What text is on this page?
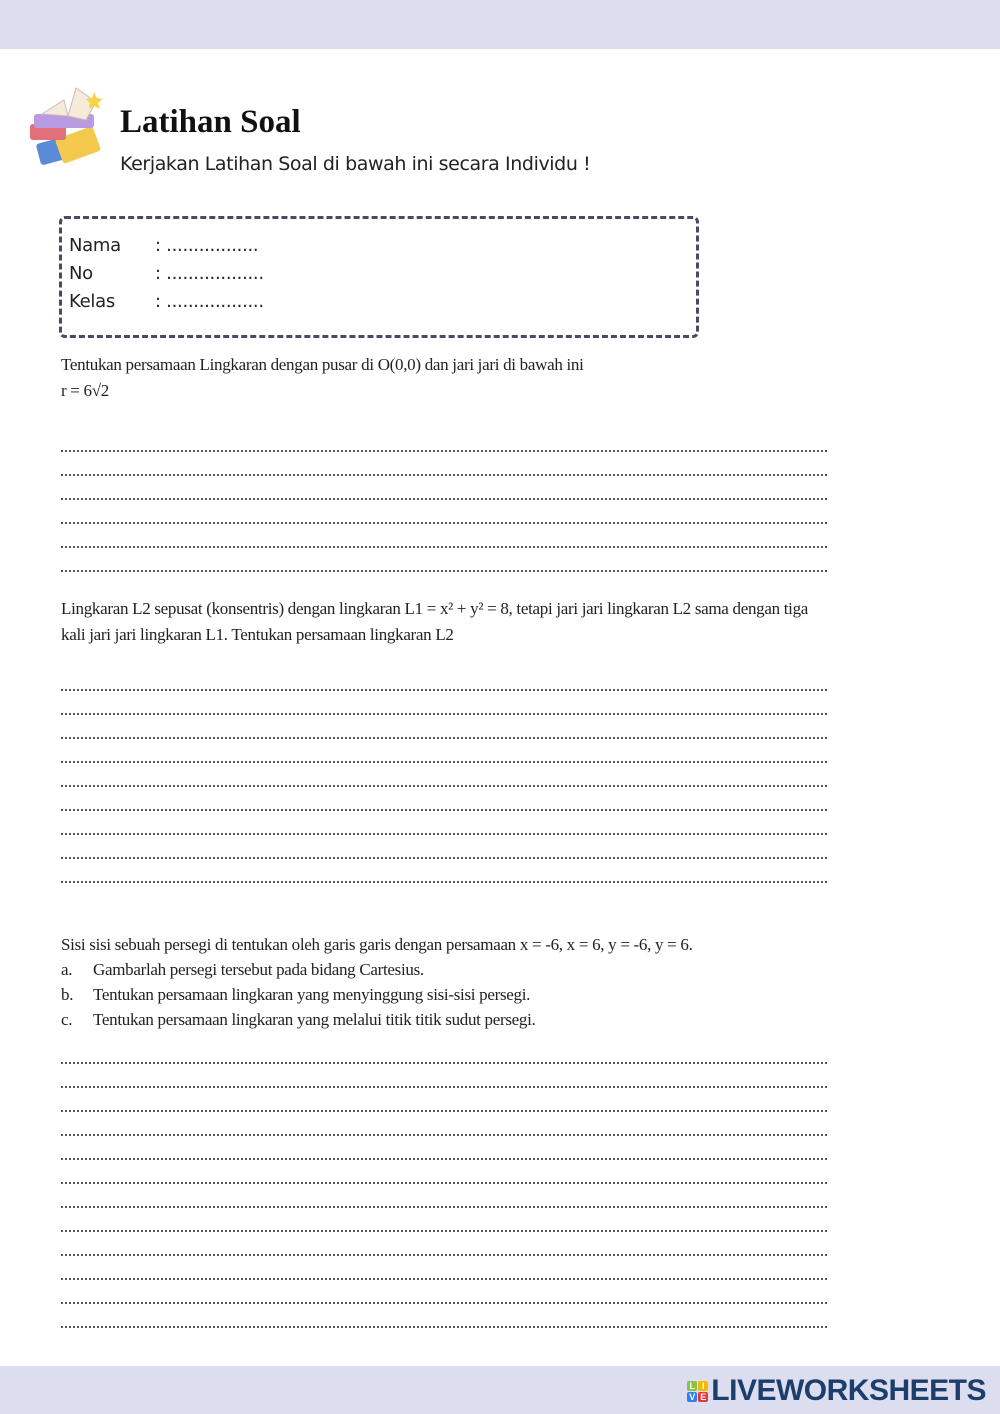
Latihan Soal
Kerjakan Latihan Soal di bawah ini secara Individu !
Nama	: .................
No	: ..................
Kelas	: ..................
Tentukan persamaan Lingkaran dengan pusar di O(0,0) dan jari jari di bawah ini
r = 6√2
Lingkaran L2 sepusat (konsentris) dengan lingkaran L1 = x² + y² = 8, tetapi jari jari lingkaran L2 sama dengan tiga kali jari jari lingkaran L1. Tentukan persamaan lingkaran L2
Sisi sisi sebuah persegi di tentukan oleh garis garis dengan persamaan x = -6, x = 6, y = -6, y = 6.
a.	Gambarlah persegi tersebut pada bidang Cartesius.
b.	Tentukan persamaan lingkaran yang menyinggung sisi-sisi persegi.
c.	Tentukan persamaan lingkaran yang melalui titik titik sudut persegi.
L I
V E LIVEWORKSHEETS
